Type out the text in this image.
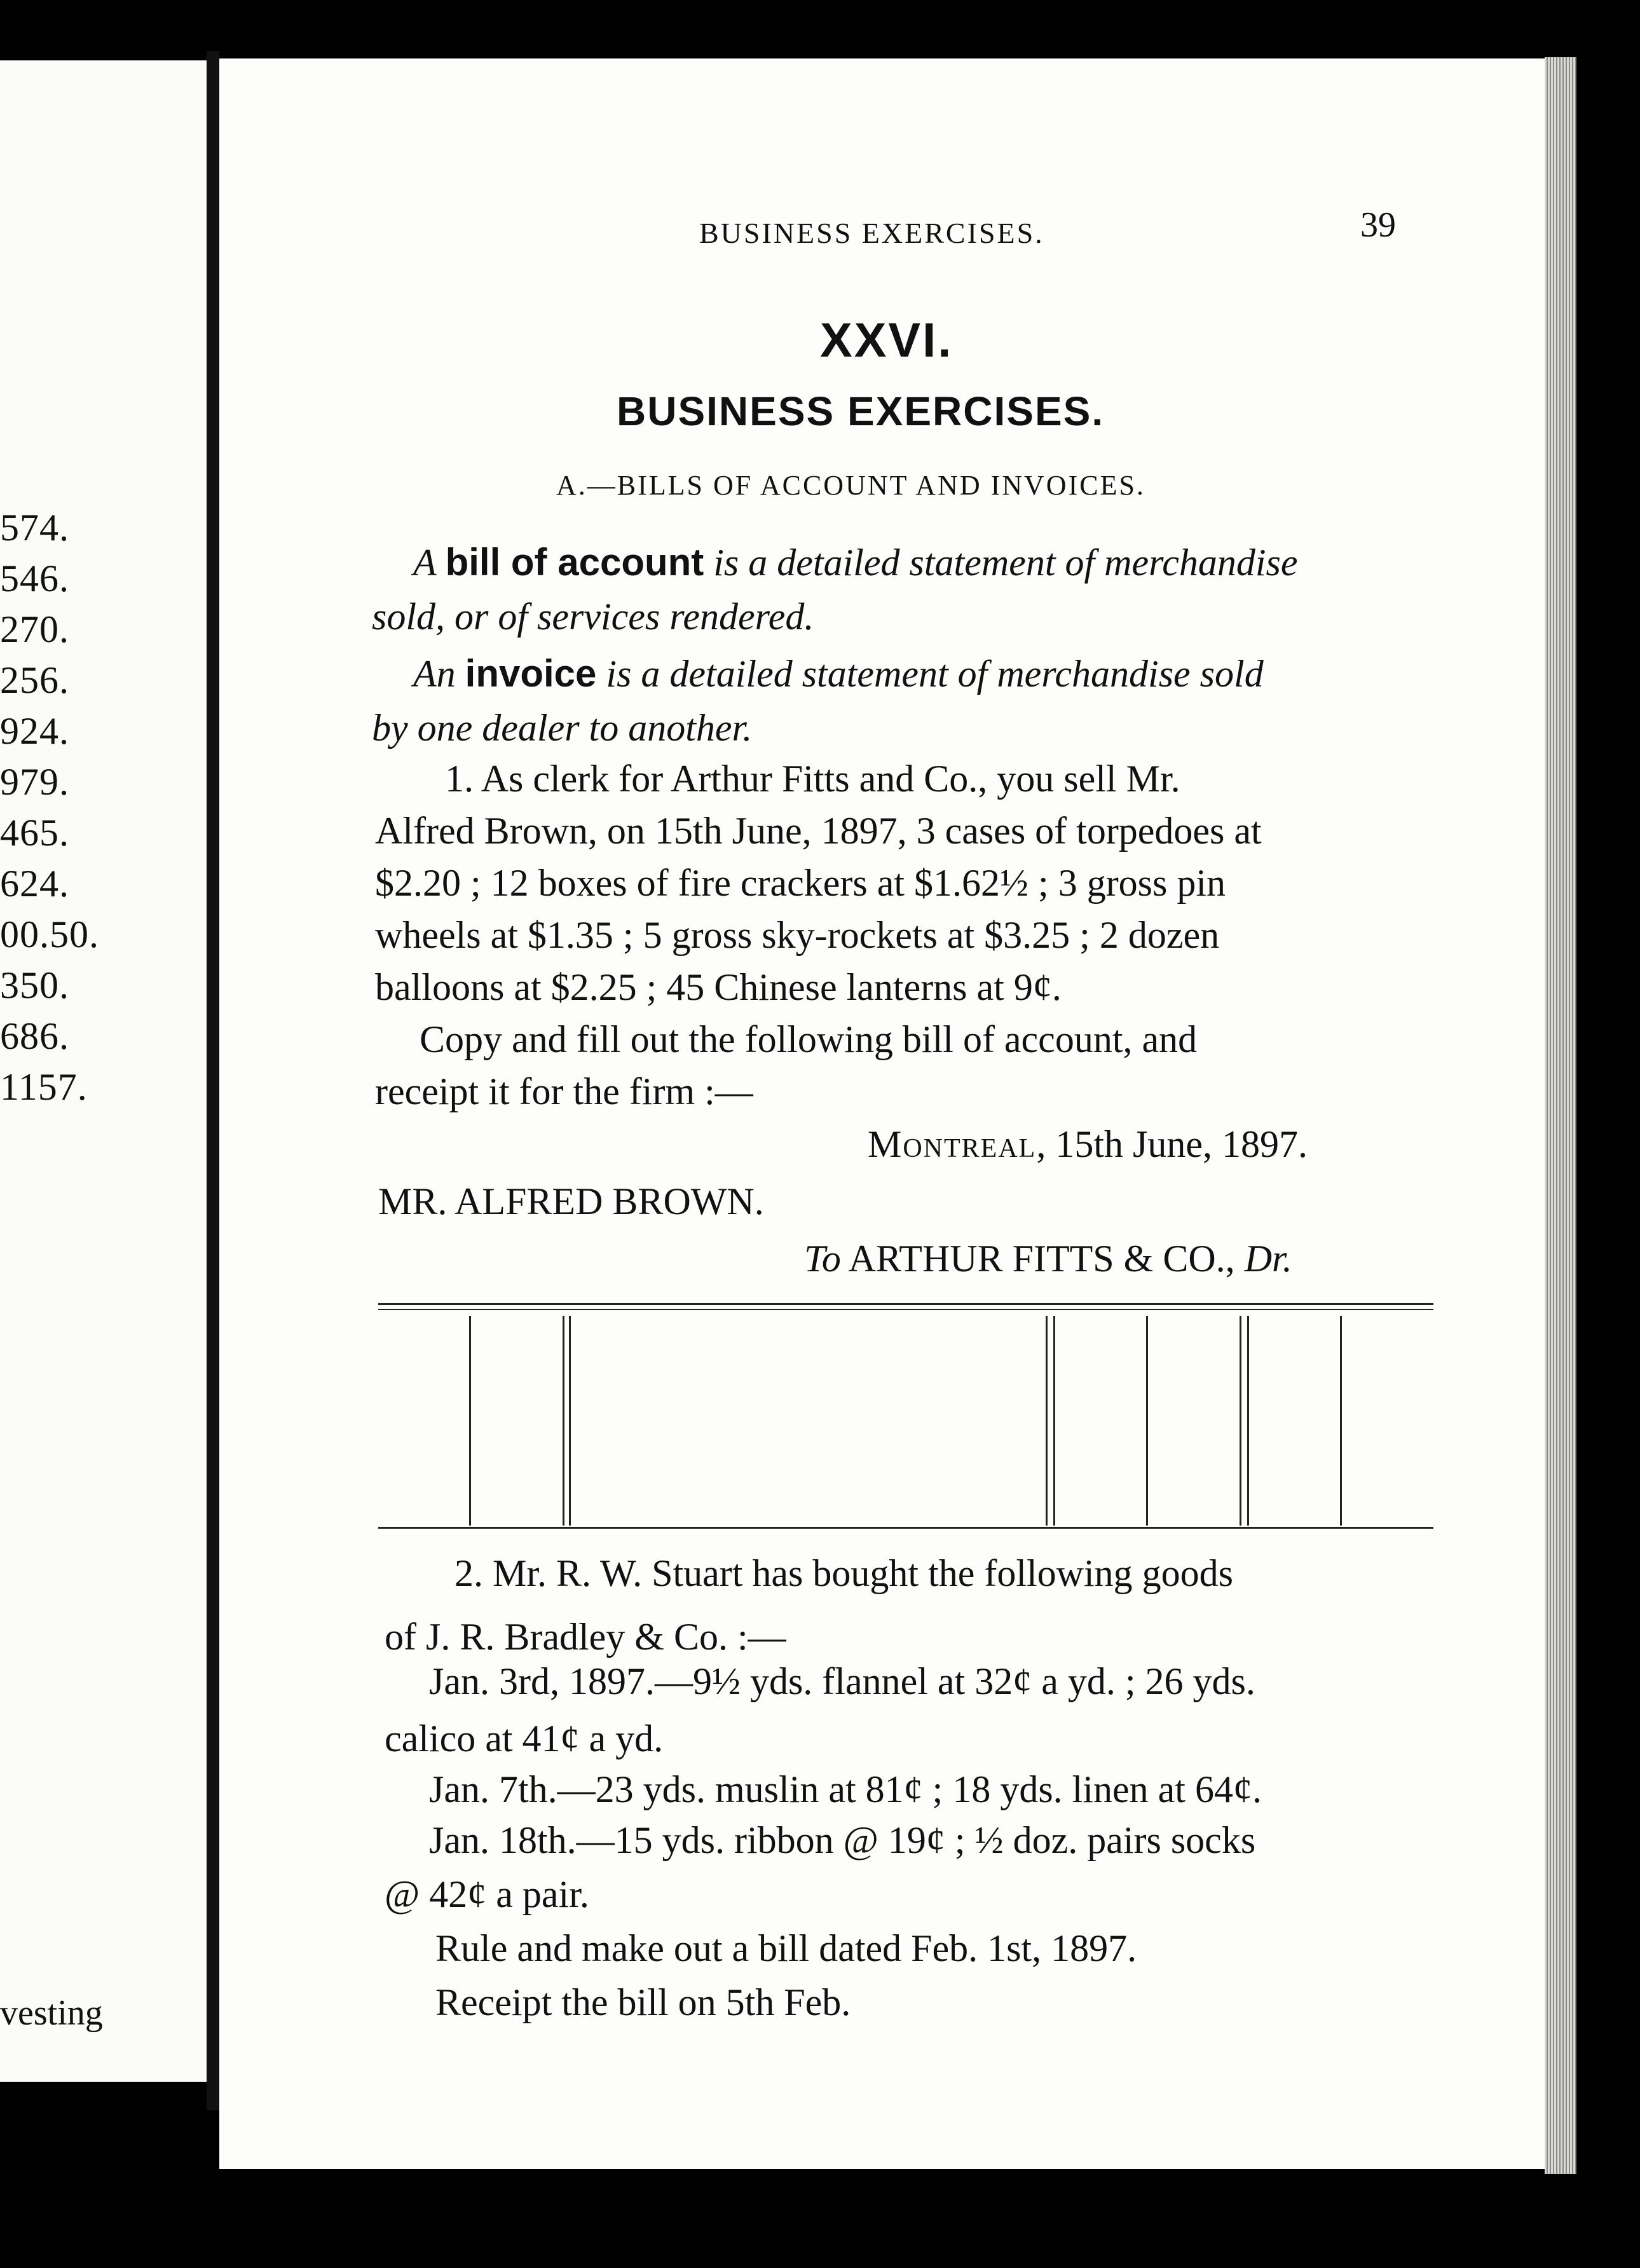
574.
546.
270.
256.
924.
979.
465.
624.
00.50.
350.
686.
1157.
vesting
BUSINESS EXERCISES.	39
XXVI.
BUSINESS EXERCISES.
A.—BILLS OF ACCOUNT AND INVOICES.
A bill of account is a detailed statement of merchandise
sold, or of services rendered.
An invoice is a detailed statement of merchandise sold
by one dealer to another.
1. As clerk for Arthur Fitts and Co., you sell Mr.
Alfred Brown, on 15th June, 1897, 3 cases of torpedoes at
$2.20 ; 12 boxes of fire crackers at $1.62½ ; 3 gross pin
wheels at $1.35 ; 5 gross sky-rockets at $3.25 ; 2 dozen
balloons at $2.25 ; 45 Chinese lanterns at 9¢.
Copy and fill out the following bill of account, and
receipt it for the firm :—
Montreal, 15th June, 1897.
MR. ALFRED BROWN.
To ARTHUR FITTS & CO., Dr.
2. Mr. R. W. Stuart has bought the following goods
of J. R. Bradley & Co. :—
Jan. 3rd, 1897.—9½ yds. flannel at 32¢ a yd. ; 26 yds.
calico at 41¢ a yd.
Jan. 7th.—23 yds. muslin at 81¢ ; 18 yds. linen at 64¢.
Jan. 18th.—15 yds. ribbon @ 19¢ ; ½ doz. pairs socks
@ 42¢ a pair.
Rule and make out a bill dated Feb. 1st, 1897.
Receipt the bill on 5th Feb.
